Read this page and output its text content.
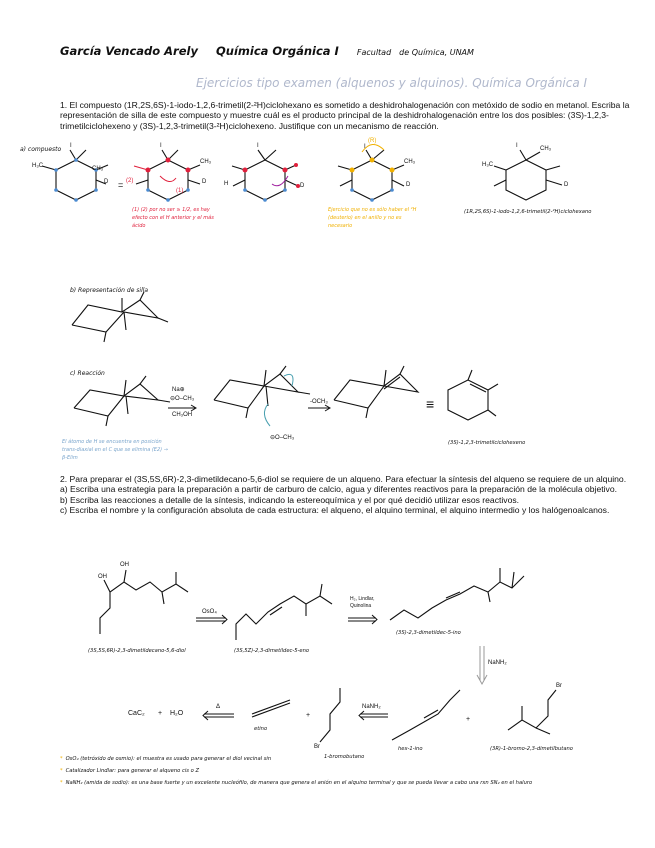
García Vencado Arely Química Orgánica I Facultad de Química, UNAM
Ejercicios tipo examen (alquenos y alquinos). Química Orgánica I
1. El compuesto (1R,2S,6S)-1-iodo-1,2,6-trimetil(2-²H)ciclohexano es sometido a deshidrohalogenación con metóxido de sodio en metanol. Escriba la representación de silla de este compuesto y muestre cuál es el producto principal de la deshidrohalogenación entre los dos posibles: (3S)-1,2,3-trimetilciclohexeno y (3S)-1,2,3-trimetil(3-²H)ciclohexeno. Justifique con un mecanismo de reacción.
a) compuesto I
H₃C	CH₃
D =
I
CH₃
D
(2)
(1)
I
H	D
(R)
I
CH₃
D
I
H₃C
CH₃
D
(1) (2) por no ser ≥ 1/2, es hay efecto con el H anterior y el más ácido
Ejercicio que no es sólo haber el ²H (deuterio) en el anillo y no es necesario
(1R,2S,6S)-1-iodo-1,2,6-trimetil(2-²H)ciclohexano
b) Representación de silla
c) Reacción
Na⊕
⊖O–CH₃
CH₃OH
-OCH₃
⊖O–CH₃
El átomo de H se encuentra en posición trans-diaxial en el C que se elimina (E2) → β-Elim
≡
(3S)-1,2,3-trimetilciclohexeno
2. Para preparar el (3S,5S,6R)-2,3-dimetildecano-5,6-diol se requiere de un alqueno. Para efectuar la síntesis del alqueno se requiere de un alquino.
a) Escriba una estrategia para la preparación a partir de carburo de calcio, agua y diferentes reactivos para la preparación de la molécula objetivo.
b) Escriba las reacciones a detalle de la síntesis, indicando la estereoquímica y el por qué decidió utilizar esos reactivos.
c) Escriba el nombre y la configuración absoluta de cada estructura: el alqueno, el alquino terminal, el alquino intermedio y los halógenoalcanos.
OH
OH
(3S,5S,6R)-2,3-dimetildecano-5,6-diol
OsO₄
(3S,5Z)-2,3-dimetildec-5-eno
H₂, Lindlar, Quinolina
(3S)-2,3-dimetildec-5-ino
NaNH₂
CaC₂ + H₂O
Δ
etino
+
Br
1-bromobutano
NaNH₂
hex-1-ino
+
Br
(3R)-1-bromo-2,3-dimetilbutano
* OsO₄ (tetróxido de osmio): el muestra es usado para generar el diol vecinal sin
* Catalizador Lindlar: para generar el alqueno cis o Z
* NaNH₂ (amida de sodio): es una base fuerte y un excelente nucleófilo, de manera que genera el anión en el alquino terminal y que se pueda llevar a cabo una rxn SN₂ en el haluro
